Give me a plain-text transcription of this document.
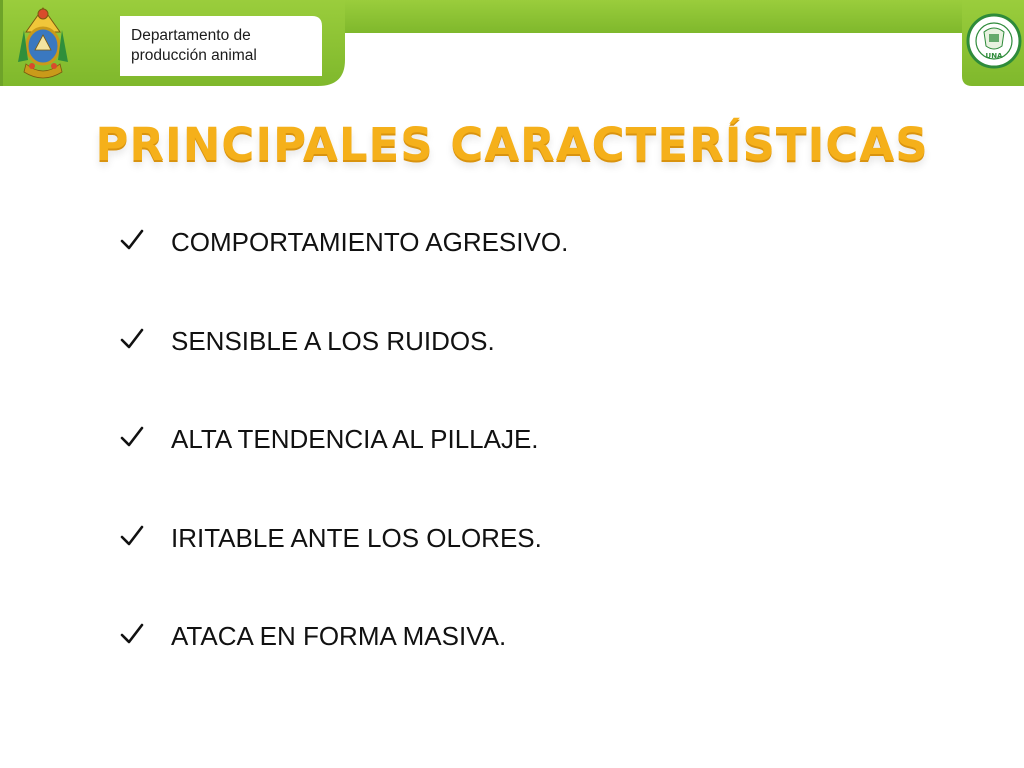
Departamento de
producción animal	UNA
PRINCIPALES CARACTERÍSTICAS
COMPORTAMIENTO AGRESIVO.
SENSIBLE A LOS RUIDOS.
ALTA TENDENCIA AL PILLAJE.
IRITABLE ANTE LOS OLORES.
ATACA EN FORMA MASIVA.
